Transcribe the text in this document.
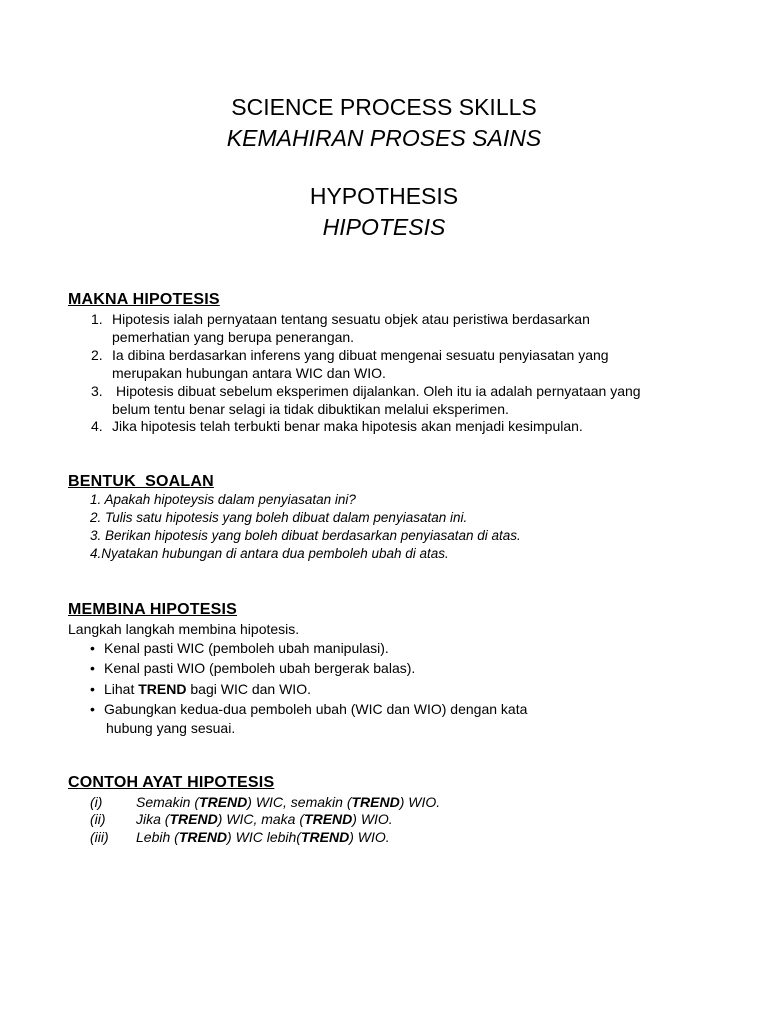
SCIENCE PROCESS SKILLS
KEMAHIRAN PROSES SAINS
HYPOTHESIS
HIPOTESIS
MAKNA HIPOTESIS
1. Hipotesis ialah pernyataan tentang sesuatu objek atau peristiwa berdasarkan
pemerhatian yang berupa penerangan.
2. Ia dibina berdasarkan inferens yang dibuat mengenai sesuatu penyiasatan yang
merupakan hubungan antara WIC dan WIO.
3. Hipotesis dibuat sebelum eksperimen dijalankan. Oleh itu ia adalah pernyataan yang
belum tentu benar selagi ia tidak dibuktikan melalui eksperimen.
4. Jika hipotesis telah terbukti benar maka hipotesis akan menjadi kesimpulan.
BENTUK  SOALAN
1. Apakah hipoteysis dalam penyiasatan ini?
2. Tulis satu hipotesis yang boleh dibuat dalam penyiasatan ini.
3. Berikan hipotesis yang boleh dibuat berdasarkan penyiasatan di atas.
4.Nyatakan hubungan di antara dua pemboleh ubah di atas.
MEMBINA HIPOTESIS
Langkah langkah membina hipotesis.
• Kenal pasti WIC (pemboleh ubah manipulasi).
• Kenal pasti WIO (pemboleh ubah bergerak balas).
• Lihat TREND bagi WIC dan WIO.
• Gabungkan kedua-dua pemboleh ubah (WIC dan WIO) dengan kata
hubung yang sesuai.
CONTOH AYAT HIPOTESIS
(i) Semakin (TREND) WIC, semakin (TREND) WIO.
(ii) Jika (TREND) WIC, maka (TREND) WIO.
(iii) Lebih (TREND) WIC lebih(TREND) WIO.
